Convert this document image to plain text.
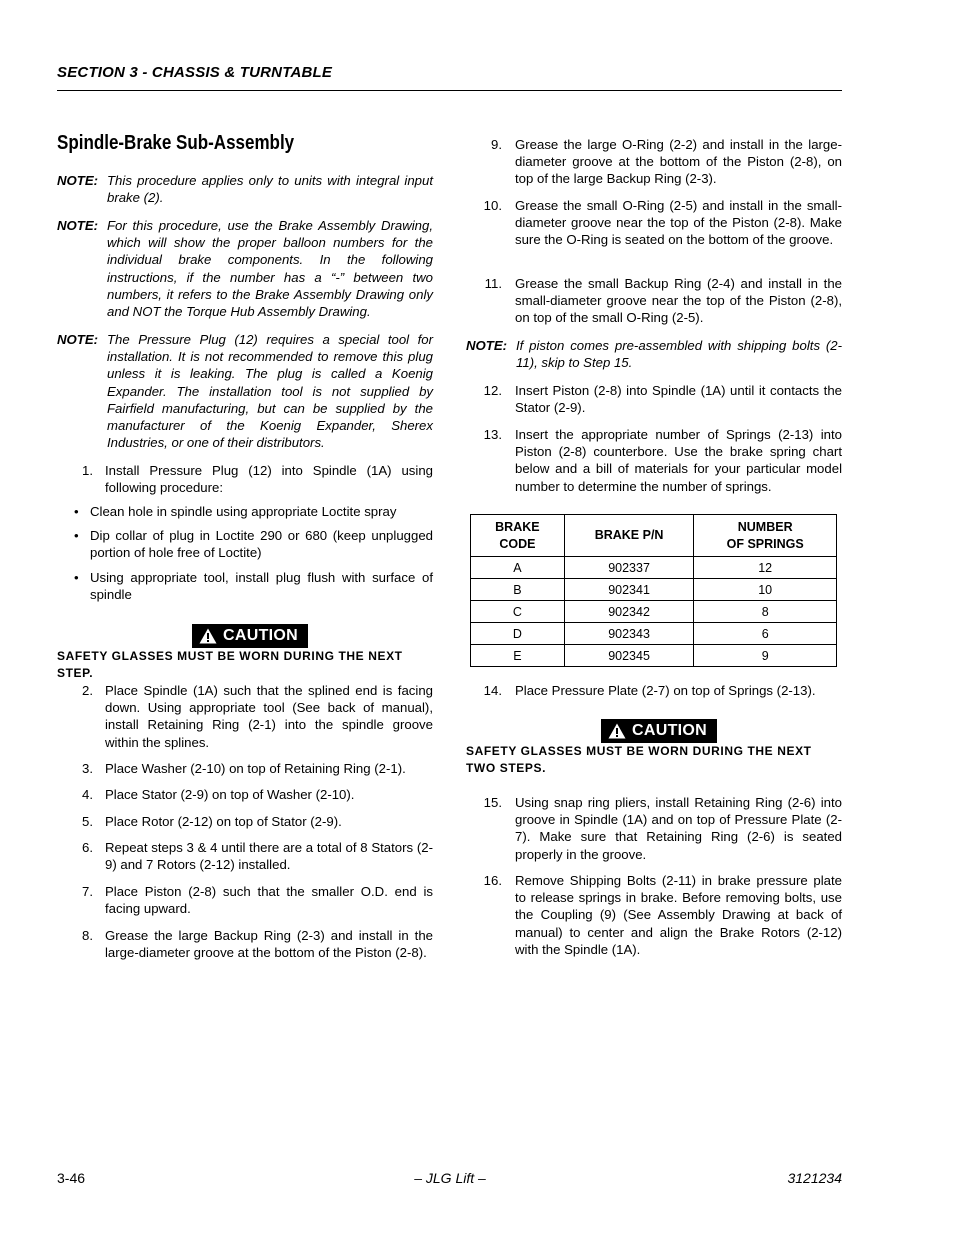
SECTION 3 - CHASSIS & TURNTABLE
Spindle-Brake Sub-Assembly
NOTE: This procedure applies only to units with integral input brake (2).
NOTE: For this procedure, use the Brake Assembly Drawing, which will show the proper balloon numbers for the individual brake components. In the following instructions, if the number has a “-” between two numbers, it refers to the Brake Assembly Drawing only and NOT the Torque Hub Assembly Drawing.
NOTE: The Pressure Plug (12) requires a special tool for installation. It is not recommended to remove this plug unless it is leaking. The plug is called a Koenig Expander. The installation tool is not supplied by Fairfield manufacturing, but can be supplied by the manufacturer of the Koenig Expander, Sherex Industries, or one of their distributors.
1. Install Pressure Plug (12) into Spindle (1A) using following procedure:
• Clean hole in spindle using appropriate Loctite spray
• Dip collar of plug in Loctite 290 or 680 (keep unplugged portion of hole free of Loctite)
• Using appropriate tool, install plug flush with surface of spindle
CAUTION
SAFETY GLASSES MUST BE WORN DURING THE NEXT STEP.
2. Place Spindle (1A) such that the splined end is facing down. Using appropriate tool (See back of manual), install Retaining Ring (2-1) into the spindle groove within the splines.
3. Place Washer (2-10) on top of Retaining Ring (2-1).
4. Place Stator (2-9) on top of Washer (2-10).
5. Place Rotor (2-12) on top of Stator (2-9).
6. Repeat steps 3 & 4 until there are a total of 8 Stators (2-9) and 7 Rotors (2-12) installed.
7. Place Piston (2-8) such that the smaller O.D. end is facing upward.
8. Grease the large Backup Ring (2-3) and install in the large-diameter groove at the bottom of the Piston (2-8).
9. Grease the large O-Ring (2-2) and install in the large-diameter groove at the bottom of the Piston (2-8), on top of the large Backup Ring (2-3).
10. Grease the small O-Ring (2-5) and install in the small-diameter groove near the top of the Piston (2-8). Make sure the O-Ring is seated on the bottom of the groove.
11. Grease the small Backup Ring (2-4) and install in the small-diameter groove near the top of the Piston (2-8), on top of the small O-Ring (2-5).
NOTE: If piston comes pre-assembled with shipping bolts (2-11), skip to Step 15.
12. Insert Piston (2-8) into Spindle (1A) until it contacts the Stator (2-9).
13. Insert the appropriate number of Springs (2-13) into Piston (2-8) counterbore. Use the brake spring chart below and a bill of materials for your particular model number to determine the number of springs.
BRAKE
CODE	BRAKE P/N	NUMBER
OF SPRINGS
A	902337	12
B	902341	10
C	902342	8
D	902343	6
E	902345	9
14. Place Pressure Plate (2-7) on top of Springs (2-13).
CAUTION
SAFETY GLASSES MUST BE WORN DURING THE NEXT TWO STEPS.
15. Using snap ring pliers, install Retaining Ring (2-6) into groove in Spindle (1A) and on top of Pressure Plate (2-7). Make sure that Retaining Ring (2-6) is seated properly in the groove.
16. Remove Shipping Bolts (2-11) in brake pressure plate to release springs in brake. Before removing bolts, use the Coupling (9) (See Assembly Drawing at back of manual) to center and align the Brake Rotors (2-12) with the Spindle (1A).
3-46	– JLG Lift –	3121234
